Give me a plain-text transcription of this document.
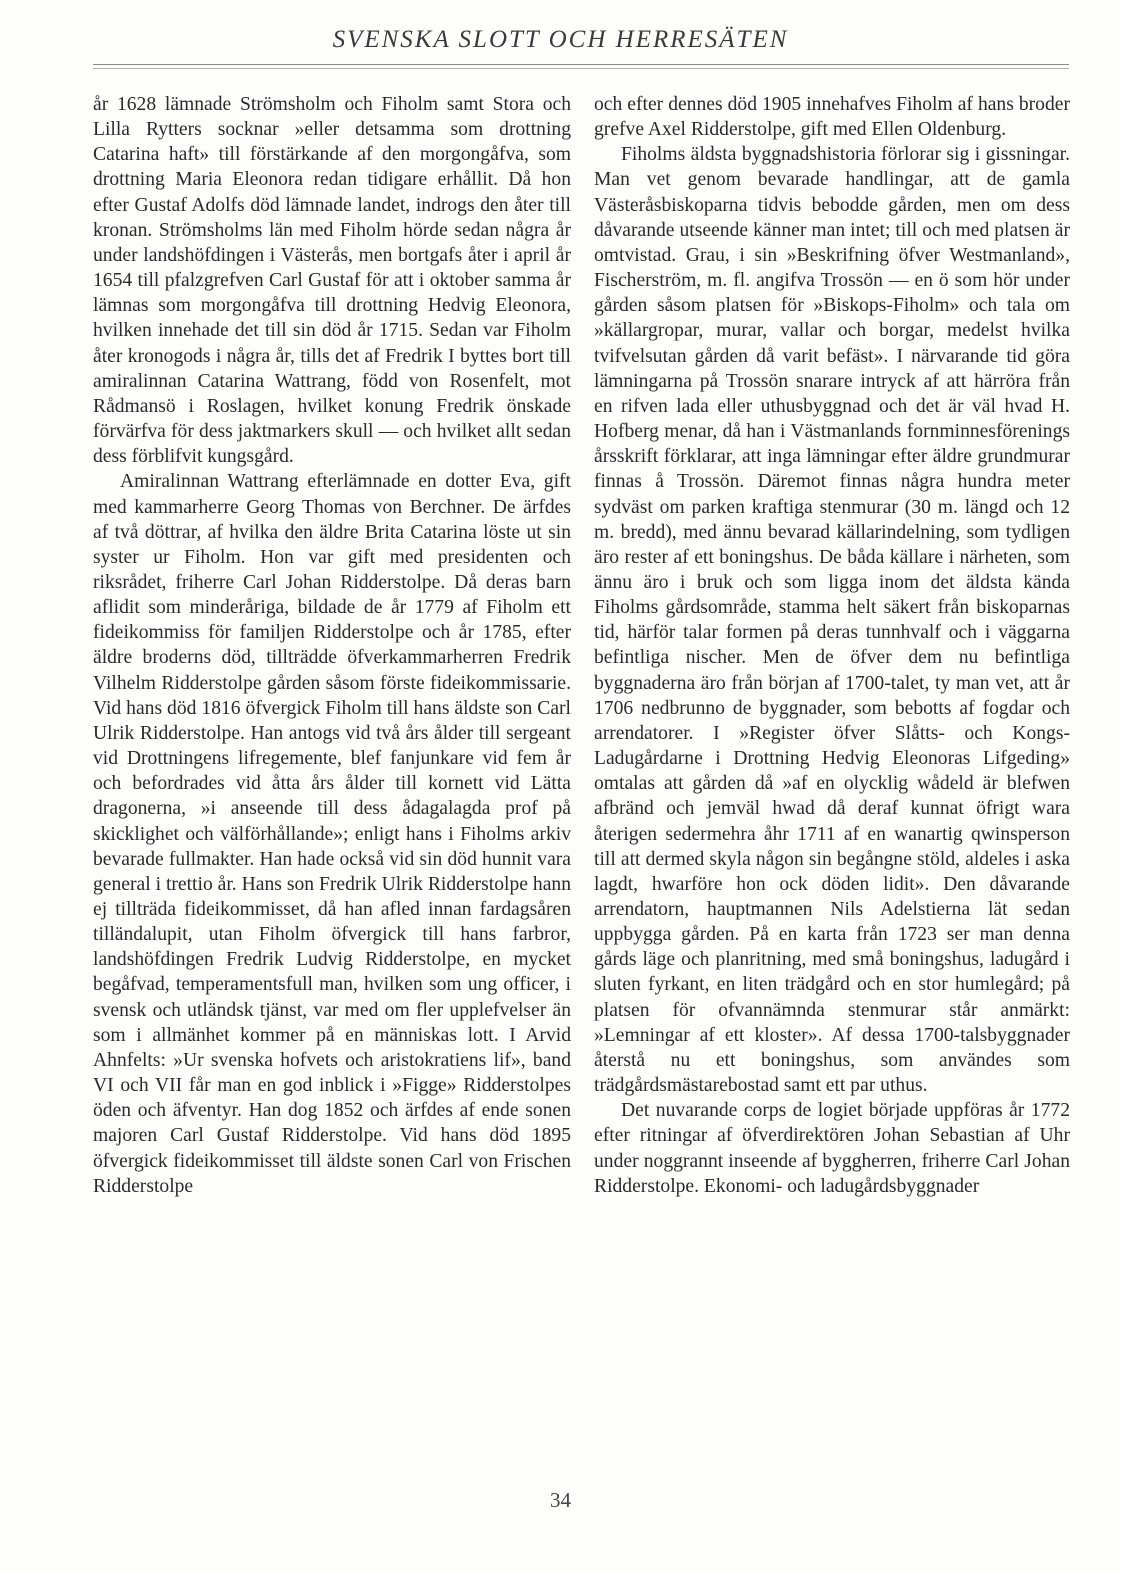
SVENSKA SLOTT OCH HERRESÄTEN

år 1628 lämnade Strömsholm och Fiholm samt Stora och Lilla Rytters socknar »eller detsamma som drottning Catarina haft» till förstärkande af den morgongåfva, som drottning Maria Eleonora redan tidigare erhållit. Då hon efter Gustaf Adolfs död lämnade landet, indrogs den åter till kronan. Strömsholms län med Fiholm hörde sedan några år under landshöfdingen i Västerås, men bortgafs åter i april år 1654 till pfalzgrefven Carl Gustaf för att i oktober samma år lämnas som morgongåfva till drottning Hedvig Eleonora, hvilken innehade det till sin död år 1715. Sedan var Fiholm åter kronogods i några år, tills det af Fredrik I byttes bort till amiralinnan Catarina Wattrang, född von Rosenfelt, mot Rådmansö i Roslagen, hvilket konung Fredrik önskade förvärfva för dess jaktmarkers skull — och hvilket allt sedan dess förblifvit kungsgård.

Amiralinnan Wattrang efterlämnade en dotter Eva, gift med kammarherre Georg Thomas von Berchner. De ärfdes af två döttrar, af hvilka den äldre Brita Catarina löste ut sin syster ur Fiholm. Hon var gift med presidenten och riksrådet, friherre Carl Johan Ridderstolpe. Då deras barn aflidit som minderåriga, bildade de år 1779 af Fiholm ett fideikommiss för familjen Ridderstolpe och år 1785, efter äldre broderns död, tillträdde öfverkammarherren Fredrik Vilhelm Ridderstolpe gården såsom förste fideikommissarie. Vid hans död 1816 öfvergick Fiholm till hans äldste son Carl Ulrik Ridderstolpe. Han antogs vid två års ålder till sergeant vid Drottningens lifregemente, blef fanjunkare vid fem år och befordrades vid åtta års ålder till kornett vid Lätta dragonerna, »i anseende till dess ådagalagda prof på skicklighet och välförhållande»; enligt hans i Fiholms arkiv bevarade fullmakter. Han hade också vid sin död hunnit vara general i trettio år. Hans son Fredrik Ulrik Ridderstolpe hann ej tillträda fideikommisset, då han afled innan fardagsåren tilländalupit, utan Fiholm öfvergick till hans farbror, landshöfdingen Fredrik Ludvig Ridderstolpe, en mycket begåfvad, temperamentsfull man, hvilken som ung officer, i svensk och utländsk tjänst, var med om fler upplefvelser än som i allmänhet kommer på en människas lott. I Arvid Ahnfelts: »Ur svenska hofvets och aristokratiens lif», band VI och VII får man en god inblick i »Figge» Ridderstolpes öden och äfventyr. Han dog 1852 och ärfdes af ende sonen majoren Carl Gustaf Ridderstolpe. Vid hans död 1895 öfvergick fideikommisset till äldste sonen Carl von Frischen Ridderstolpe

och efter dennes död 1905 innehafves Fiholm af hans broder grefve Axel Ridderstolpe, gift med Ellen Oldenburg.

Fiholms äldsta byggnadshistoria förlorar sig i gissningar. Man vet genom bevarade handlingar, att de gamla Västeråsbiskoparna tidvis bebodde gården, men om dess dåvarande utseende känner man intet; till och med platsen är omtvistad. Grau, i sin »Beskrifning öfver Westmanland», Fischerström, m. fl. angifva Trossön — en ö som hör under gården såsom platsen för »Biskops-Fiholm» och tala om »källargropar, murar, vallar och borgar, medelst hvilka tvifvelsutan gården då varit befäst». I närvarande tid göra lämningarna på Trossön snarare intryck af att härröra från en rifven lada eller uthusbyggnad och det är väl hvad H. Hofberg menar, då han i Västmanlands fornminnesförenings årsskrift förklarar, att inga lämningar efter äldre grundmurar finnas å Trossön. Däremot finnas några hundra meter sydväst om parken kraftiga stenmurar (30 m. längd och 12 m. bredd), med ännu bevarad källarindelning, som tydligen äro rester af ett boningshus. De båda källare i närheten, som ännu äro i bruk och som ligga inom det äldsta kända Fiholms gårdsområde, stamma helt säkert från biskoparnas tid, härför talar formen på deras tunnhvalf och i väggarna befintliga nischer. Men de öfver dem nu befintliga byggnaderna äro från början af 1700-talet, ty man vet, att år 1706 nedbrunno de byggnader, som bebotts af fogdar och arrendatorer. I »Register öfver Slåtts- och Kongs-Ladugårdarne i Drottning Hedvig Eleonoras Lifgeding» omtalas att gården då »af en olycklig wådeld är blefwen afbränd och jemväl hwad då deraf kunnat öfrigt wara återigen sedermehra åhr 1711 af en wanartig qwinsperson till att dermed skyla någon sin begångne stöld, aldeles i aska lagdt, hwarföre hon ock döden lidit». Den dåvarande arrendatorn, hauptmannen Nils Adelstierna lät sedan uppbygga gården. På en karta från 1723 ser man denna gårds läge och planritning, med små boningshus, ladugård i sluten fyrkant, en liten trädgård och en stor humlegård; på platsen för ofvannämnda stenmurar står anmärkt: »Lemningar af ett kloster». Af dessa 1700-talsbyggnader återstå nu ett boningshus, som användes som trädgårdsmästarebostad samt ett par uthus.

Det nuvarande corps de logiet började uppföras år 1772 efter ritningar af öfverdirektören Johan Sebastian af Uhr under noggrannt inseende af byggherren, friherre Carl Johan Ridderstolpe. Ekonomi- och ladugårdsbyggnader

34
